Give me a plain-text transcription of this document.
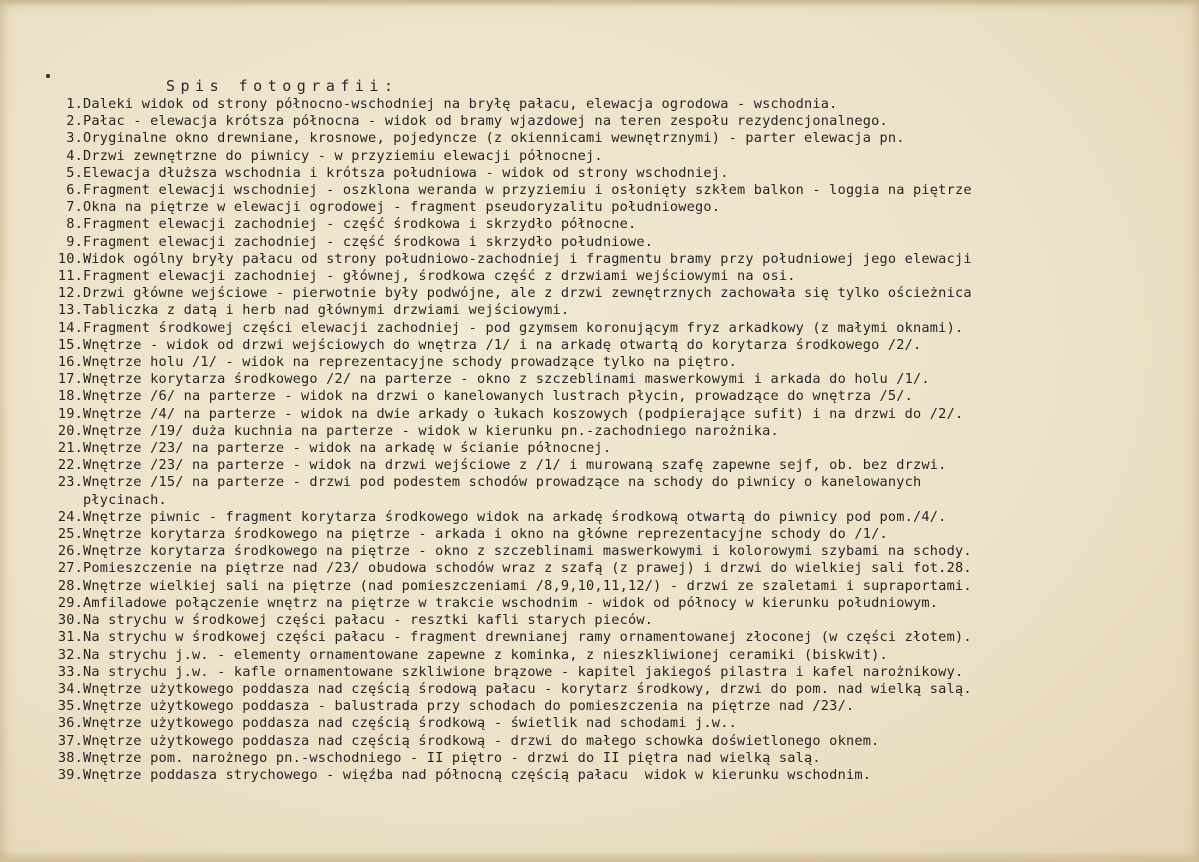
Spis fotografii:
1. Daleki widok od strony północno-wschodniej na bryłę pałacu, elewacja ogrodowa - wschodnia.
2. Pałac - elewacja krótsza północna - widok od bramy wjazdowej na teren zespołu rezydencjonalnego.
3. Oryginalne okno drewniane, krosnowe, pojedyncze (z okiennicami wewnętrznymi) - parter elewacja pn.
4. Drzwi zewnętrzne do piwnicy - w przyziemiu elewacji północnej.
5. Elewacja dłuższa wschodnia i krótsza południowa - widok od strony wschodniej.
6. Fragment elewacji wschodniej - oszklona weranda w przyziemiu i osłonięty szkłem balkon - loggia na piętrze
7. Okna na piętrze w elewacji ogrodowej - fragment pseudoryzalitu południowego.
8. Fragment elewacji zachodniej - część środkowa i skrzydło północne.
9. Fragment elewacji zachodniej - część środkowa i skrzydło południowe.
10. Widok ogólny bryły pałacu od strony południowo-zachodniej i fragmentu bramy przy południowej jego elewacji
11. Fragment elewacji zachodniej - głównej, środkowa część z drzwiami wejściowymi na osi.
12. Drzwi główne wejściowe - pierwotnie były podwójne, ale z drzwi zewnętrznych zachowała się tylko ościeżnica
13. Tabliczka z datą i herb nad głównymi drzwiami wejściowymi.
14. Fragment środkowej części elewacji zachodniej - pod gzymsem koronującym fryz arkadkowy (z małymi oknami).
15. Wnętrze - widok od drzwi wejściowych do wnętrza /1/ i na arkadę otwartą do korytarza środkowego /2/.
16. Wnętrze holu /1/ - widok na reprezentacyjne schody prowadzące tylko na piętro.
17. Wnętrze korytarza środkowego /2/ na parterze - okno z szczeblinami maswerkowymi i arkada do holu /1/.
18. Wnętrze /6/ na parterze - widok na drzwi o kanelowanych lustrach płycin, prowadzące do wnętrza /5/.
19. Wnętrze /4/ na parterze - widok na dwie arkady o łukach koszowych (podpierające sufit) i na drzwi do /2/.
20. Wnętrze /19/ duża kuchnia na parterze - widok w kierunku pn.-zachodniego narożnika.
21. Wnętrze /23/ na parterze - widok na arkadę w ścianie północnej.
22. Wnętrze /23/ na parterze - widok na drzwi wejściowe z /1/ i murowaną szafę zapewne sejf, ob. bez drzwi.
23. Wnętrze /15/ na parterze - drzwi pod podestem schodów prowadzące na schody do piwnicy o kanelowanych
płycinach.
24. Wnętrze piwnic - fragment korytarza środkowego widok na arkadę środkową otwartą do piwnicy pod pom./4/.
25. Wnętrze korytarza środkowego na piętrze - arkada i okno na główne reprezentacyjne schody do /1/.
26. Wnętrze korytarza środkowego na piętrze - okno z szczeblinami maswerkowymi i kolorowymi szybami na schody.
27. Pomieszczenie na piętrze nad /23/ obudowa schodów wraz z szafą (z prawej) i drzwi do wielkiej sali fot.28.
28. Wnętrze wielkiej sali na piętrze (nad pomieszczeniami /8,9,10,11,12/) - drzwi ze szaletami i supraportami.
29. Amfiladowe połączenie wnętrz na piętrze w trakcie wschodnim - widok od północy w kierunku południowym.
30. Na strychu w środkowej części pałacu - resztki kafli starych pieców.
31. Na strychu w środkowej części pałacu - fragment drewnianej ramy ornamentowanej złoconej (w części złotem).
32. Na strychu j.w. - elementy ornamentowane zapewne z kominka, z nieszkliwionej ceramiki (biskwit).
33. Na strychu j.w. - kafle ornamentowane szkliwione brązowe - kapitel jakiegoś pilastra i kafel narożnikowy.
34. Wnętrze użytkowego poddasza nad częścią środową pałacu - korytarz środkowy, drzwi do pom. nad wielką salą.
35. Wnętrze użytkowego poddasza - balustrada przy schodach do pomieszczenia na piętrze nad /23/.
36. Wnętrze użytkowego poddasza nad częścią środkową - świetlik nad schodami j.w..
37. Wnętrze użytkowego poddasza nad częścią środkową - drzwi do małego schowka doświetlonego oknem.
38. Wnętrze pom. narożnego pn.-wschodniego - II piętro - drzwi do II piętra nad wielką salą.
39. Wnętrze poddasza strychowego - więźba nad północną częścią pałacu  widok w kierunku wschodnim.
